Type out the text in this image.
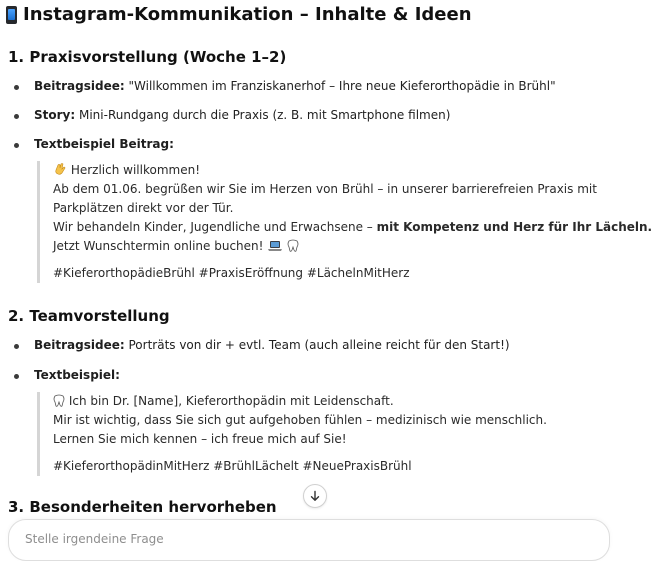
Instagram-Kommunikation – Inhalte & Ideen
1. Praxisvorstellung (Woche 1–2)
Beitragsidee: "Willkommen im Franziskanerhof – Ihre neue Kieferorthopädie in Brühl"
Story: Mini-Rundgang durch die Praxis (z. B. mit Smartphone filmen)
Textbeispiel Beitrag:
Herzlich willkommen!
Ab dem 01.06. begrüßen wir Sie im Herzen von Brühl – in unserer barrierefreien Praxis mit
Parkplätzen direkt vor der Tür.
Wir behandeln Kinder, Jugendliche und Erwachsene – mit Kompetenz und Herz für Ihr Lächeln.
Jetzt Wunschtermin online buchen!
#KieferorthopädieBrühl #PraxisEröffnung #LächelnMitHerz
2. Teamvorstellung
Beitragsidee: Porträts von dir + evtl. Team (auch alleine reicht für den Start!)
Textbeispiel:
Ich bin Dr. [Name], Kieferorthopädin mit Leidenschaft.
Mir ist wichtig, dass Sie sich gut aufgehoben fühlen – medizinisch wie menschlich.
Lernen Sie mich kennen – ich freue mich auf Sie!
#KieferorthopädinMitHerz #BrühlLächelt #NeuePraxisBrühl
3. Besonderheiten hervorheben
Stelle irgendeine Frage
